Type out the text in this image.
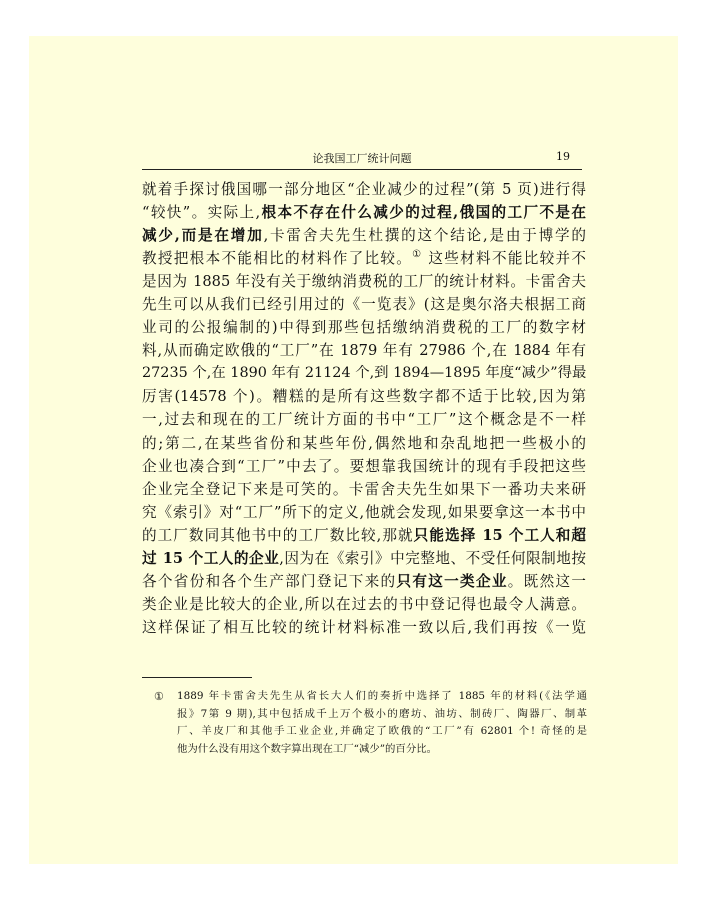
论我国工厂统计问题	19
就着手探讨俄国哪一部分地区“企业减少的过程”(第 5 页)进行得
“较快”。实际上,根本不存在什么减少的过程,俄国的工厂不是在
减少,而是在增加,卡雷舍夫先生杜撰的这个结论,是由于博学的
教授把根本不能相比的材料作了比较。① 这些材料不能比较并不
是因为 1885 年没有关于缴纳消费税的工厂的统计材料。卡雷舍夫
先生可以从我们已经引用过的《一览表》(这是奥尔洛夫根据工商
业司的公报编制的)中得到那些包括缴纳消费税的工厂的数字材
料,从而确定欧俄的“工厂”在 1879 年有 27986 个,在 1884 年有
27235 个,在 1890 年有 21124 个,到 1894—1895 年度“减少”得最
厉害(14578 个)。糟糕的是所有这些数字都不适于比较,因为第
一,过去和现在的工厂统计方面的书中“工厂”这个概念是不一样
的;第二,在某些省份和某些年份,偶然地和杂乱地把一些极小的
企业也凑合到“工厂”中去了。要想靠我国统计的现有手段把这些
企业完全登记下来是可笑的。卡雷舍夫先生如果下一番功夫来研
究《索引》对“工厂”所下的定义,他就会发现,如果要拿这一本书中
的工厂数同其他书中的工厂数比较,那就只能选择 15 个工人和超
过 15 个工人的企业,因为在《索引》中完整地、不受任何限制地按
各个省份和各个生产部门登记下来的只有这一类企业。既然这一
类企业是比较大的企业,所以在过去的书中登记得也最令人满意。
这样保证了相互比较的统计材料标准一致以后,我们再按《一览
① 1889 年卡雷舍夫先生从省长大人们的奏折中选择了 1885 年的材料(《法学通
报》7第 9 期),其中包括成千上万个极小的磨坊、油坊、制砖厂、陶器厂、制革
厂、羊皮厂和其他手工业企业,并确定了欧俄的“工厂”有 62801 个! 奇怪的是
他为什么没有用这个数字算出现在工厂“减少”的百分比。
